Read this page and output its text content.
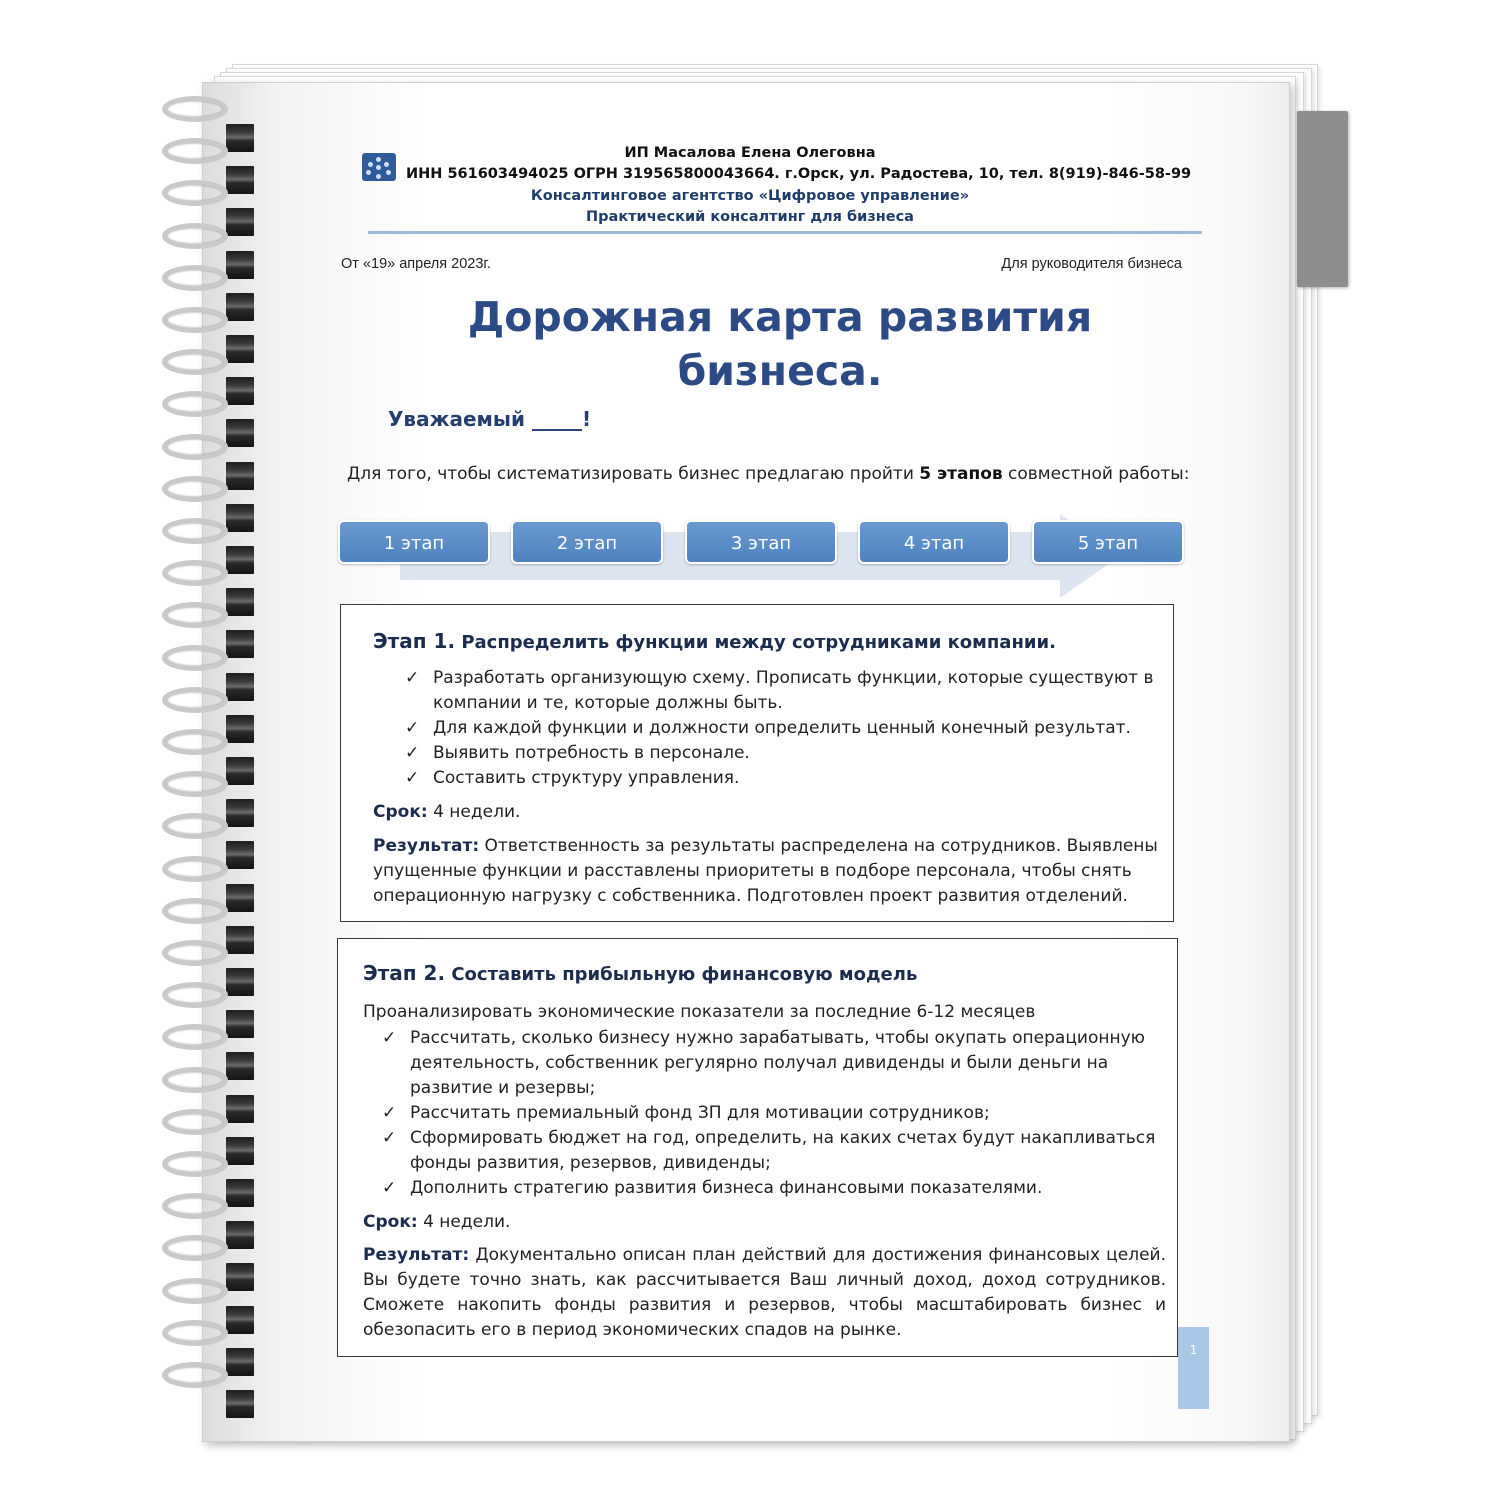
ИП Масалова Елена Олеговна
ИНН 561603494025 ОГРН 319565800043664. г.Орск, ул. Радостева, 10, тел. 8(919)-846-58-99
Консалтинговое агентство «Цифровое управление»
Практический консалтинг для бизнеса
От «19» апреля 2023г.	Для руководителя бизнеса
Дорожная карта развития
бизнеса.
Уважаемый _____!
Для того, чтобы систематизировать бизнес предлагаю пройти 5 этапов совместной работы:
1 этап	2 этап	3 этап	4 этап	5 этап
Этап 1. Распределить функции между сотрудниками компании.
✓ Разработать организующую схему. Прописать функции, которые существуют в компании и те, которые должны быть.
✓ Для каждой функции и должности определить ценный конечный результат.
✓ Выявить потребность в персонале.
✓ Составить структуру управления.

Срок: 4 недели.

Результат: Ответственность за результаты распределена на сотрудников. Выявлены упущенные функции и расставлены приоритеты в подборе персонала, чтобы снять операционную нагрузку с собственника. Подготовлен проект развития отделений.

Этап 2. Составить прибыльную финансовую модель

Проанализировать экономические показатели за последние 6-12 месяцев

✓ Рассчитать, сколько бизнесу нужно зарабатывать, чтобы окупать операционную деятельность, собственник регулярно получал дивиденды и были деньги на развитие и резервы;
✓ Рассчитать премиальный фонд ЗП для мотивации сотрудников;
✓ Сформировать бюджет на год, определить, на каких счетах будут накапливаться фонды развития, резервов, дивиденды;
✓ Дополнить стратегию развития бизнеса финансовыми показателями.

Срок: 4 недели.

Результат: Документально описан план действий для достижения финансовых целей. Вы будете точно знать, как рассчитывается Ваш личный доход, доход сотрудников. Сможете накопить фонды развития и резервов, чтобы масштабировать бизнес и обезопасить его в период экономических спадов на рынке.

1
